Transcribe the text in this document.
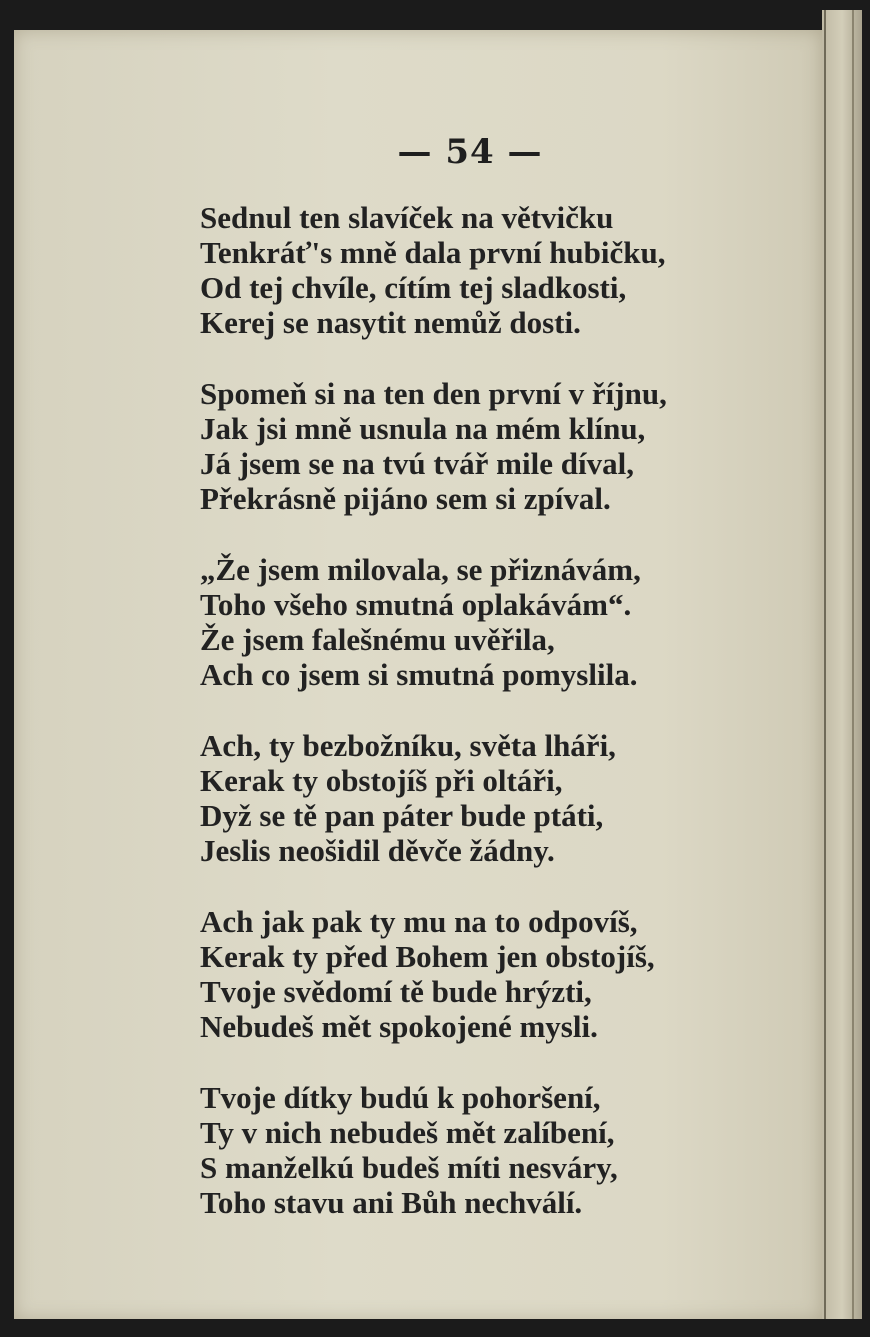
— 54 —
Sednul ten slavíček na větvičku
Tenkráť's mně dala první hubičku,
Od tej chvíle, cítím tej sladkosti,
Kerej se nasytit nemůž dosti.
Spomeň si na ten den první v říjnu,
Jak jsi mně usnula na mém klínu,
Já jsem se na tvú tvář mile díval,
Překrásně pijáno sem si zpíval.
„Že jsem milovala, se přiznávám,
Toho všeho smutná oplakávám“.
Že jsem falešnému uvěřila,
Ach co jsem si smutná pomyslila.
Ach, ty bezbožníku, světa lháři,
Kerak ty obstojíš při oltáři,
Dyž se tě pan páter bude ptáti,
Jeslis neošidil děvče žádny.
Ach jak pak ty mu na to odpovíš,
Kerak ty před Bohem jen obstojíš,
Tvoje svědomí tě bude hrýzti,
Nebudeš mět spokojené mysli.
Tvoje dítky budú k pohoršení,
Ty v nich nebudeš mět zalíbení,
S manželkú budeš míti nesváry,
Toho stavu ani Bůh nechválí.
